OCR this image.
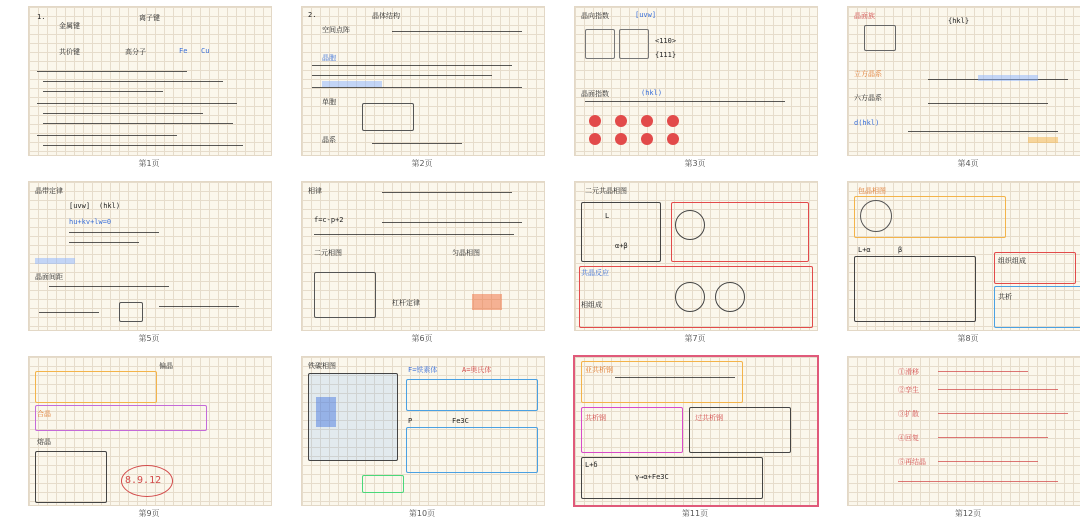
1.
金属键
离子键
共价键	高分子	Fe Cu
第1页
2.	晶体结构
空间点阵
晶胞
单胞
晶系
第2页
晶向指数	[uvw]
<110>
{111}
晶面指数	(hkl)
第3页
晶面族
{hkl}
立方晶系
六方晶系
d(hkl)
第4页
晶带定律
[uvw] (hkl)
hu+kv+lw=0
晶面间距
第5页
相律
f=c-p+2
二元相图	匀晶相图
杠杆定律
第6页
二元共晶相图
L
α+β
共晶反应
相组成
第7页
包晶相图
L+α	β
组织组成
共析
第8页
偏晶
合晶
熔晶
8.9.12
第9页
铁碳相图	F=铁素体	A=奥氏体
P	Fe3C
第10页
亚共析钢
共析钢	过共析钢
L+δ
γ→α+Fe3C
第11页
①滑移
②孪生
③扩散
④回复
⑤再结晶
第12页
